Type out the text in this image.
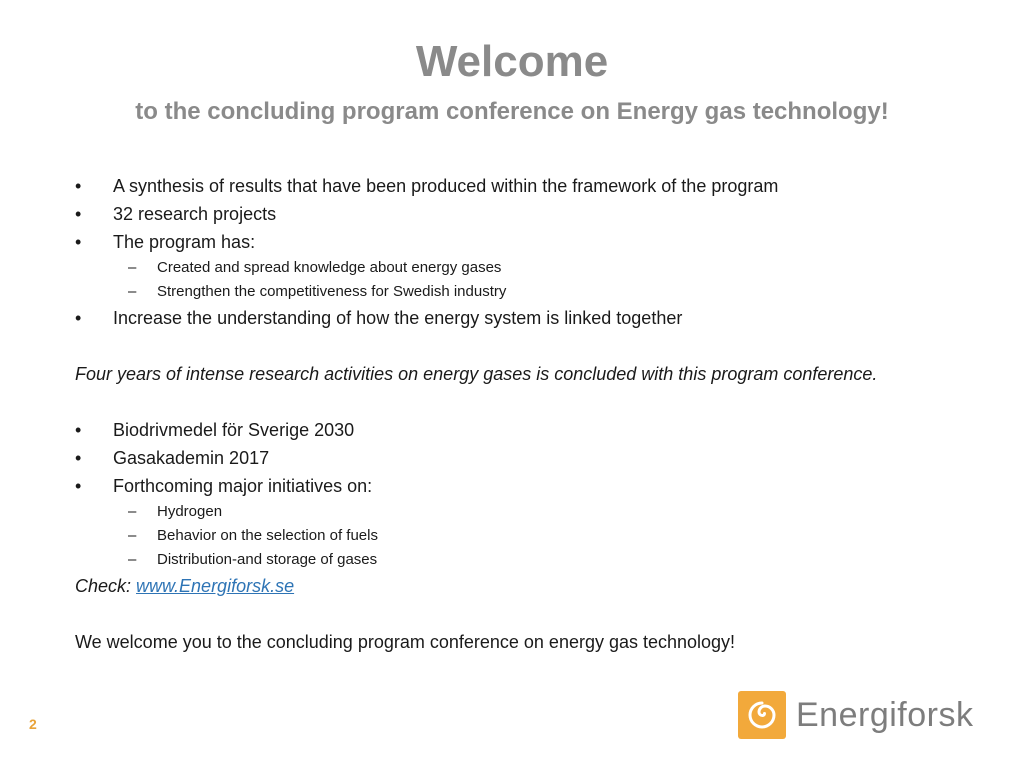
Welcome
to the concluding program conference on Energy gas technology!
• A synthesis of results that have been produced within the framework of the program
• 32 research projects
• The program has:
– Created and spread knowledge about energy gases
– Strengthen the competitiveness for Swedish industry
• Increase the understanding of how the energy system is linked together
Four years of intense research activities on energy gases is concluded with this program conference.
• Biodrivmedel för Sverige 2030
• Gasakademin 2017
• Forthcoming major initiatives on:
– Hydrogen
– Behavior on the selection of fuels
– Distribution-and storage of gases
Check: www.Energiforsk.se
We welcome you to the concluding program conference on energy gas technology!
2	Energiforsk
